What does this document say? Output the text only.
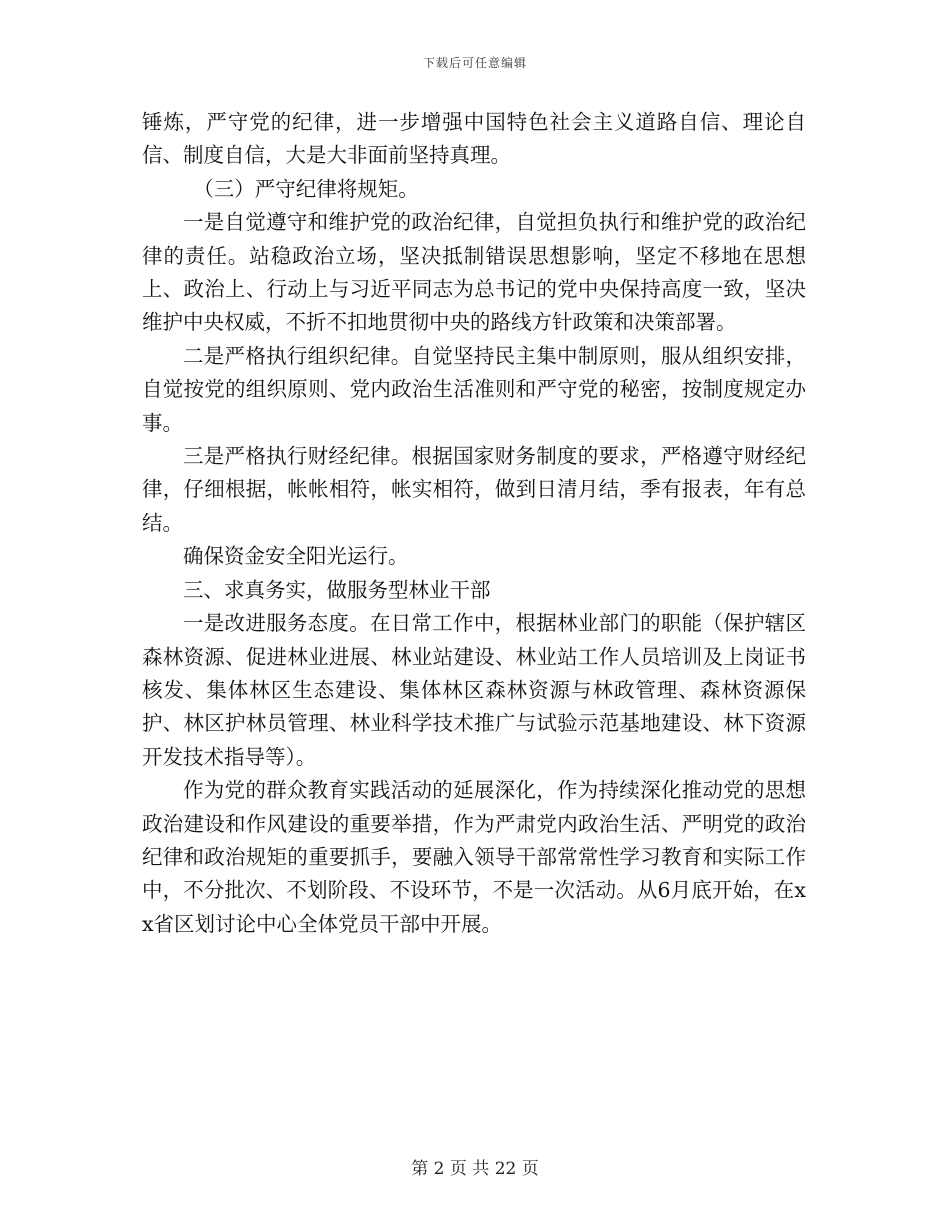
下载后可任意编辑

锤炼，严守党的纪律，进一步增强中国特色社会主义道路自信、理论自信、制度自信，大是大非面前坚持真理。

（三）严守纪律将规矩。

一是自觉遵守和维护党的政治纪律，自觉担负执行和维护党的政治纪律的责任。站稳政治立场，坚决抵制错误思想影响，坚定不移地在思想上、政治上、行动上与习近平同志为总书记的党中央保持高度一致，坚决维护中央权威，不折不扣地贯彻中央的路线方针政策和决策部署。

二是严格执行组织纪律。自觉坚持民主集中制原则，服从组织安排，自觉按党的组织原则、党内政治生活准则和严守党的秘密，按制度规定办事。

三是严格执行财经纪律。根据国家财务制度的要求，严格遵守财经纪律，仔细根据，帐帐相符，帐实相符，做到日清月结，季有报表，年有总结。

确保资金安全阳光运行。

三、求真务实，做服务型林业干部

一是改进服务态度。在日常工作中，根据林业部门的职能（保护辖区森林资源、促进林业进展、林业站建设、林业站工作人员培训及上岗证书核发、集体林区生态建设、集体林区森林资源与林政管理、森林资源保护、林区护林员管理、林业科学技术推广与试验示范基地建设、林下资源开发技术指导等）。

作为党的群众教育实践活动的延展深化，作为持续深化推动党的思想政治建设和作风建设的重要举措，作为严肃党内政治生活、严明党的政治纪律和政治规矩的重要抓手，要融入领导干部常常性学习教育和实际工作中，不分批次、不划阶段、不设环节，不是一次活动。从6月底开始，在xx省区划讨论中心全体党员干部中开展。

第 2 页 共 22 页
